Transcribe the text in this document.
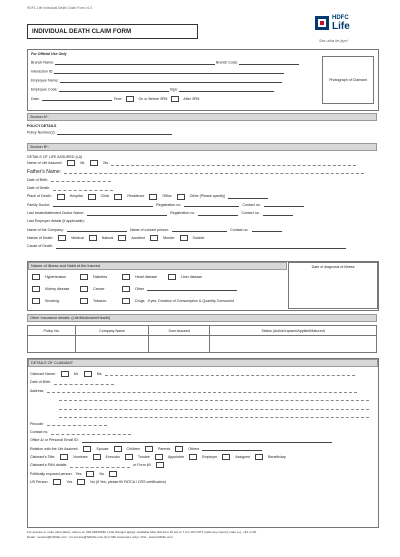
HDFC Life Individual Death Claim Form v1.0
INDIVIDUAL DEATH CLAIM FORM
HDFC
Life
Sar utha ke jiyo!
For Official Use Only
Branch Name:	Branch Code:
Interaction ID:
Employee Name:
Employee Code:	Sign:
Date:	Time:	On or Before 3PM	After 3PM
Photograph of Claimant
Section A*:
POLICY DETAILS
Policy Number(s):
Section B*:
DETAILS OF LIFE ASSURED (LA)
Name of Life Assured:	Mr.	Ms
Father's Name:
Date of Birth:
Date of Death:
Place of Death:	Hospital	Clinic	Residence	Office	Other (Please specify)
Family Doctor:	Registration no.	Contact no.
Last treated/attended Doctor Name:	Registration no.	Contact no.
Last Employer details (if applicable):
Name of the Company:	Name of contact person:	Contact no.
Nature of Death:	Medical	Natural	Accident	Murder	Suicide
Cause of Death:
Nature of Illness and Habit of the Insured	Date of diagnosis of illness
Hypertension	Diabetes	Heart disease	Liver disease
Kidney disease	Cancer	Other
Smoking	Tobacco	Drugs If yes, Duration of Consumption & Quantity Consumed
Other Insurance details: (Life/Mediclaim/Health)
Policy No.	Company Name	Sum Assured	Status (Active/Lapsed/Applied/Matured)

DETAILS OF CLAIMANT
Claimant Name:	Mr.	Ms
Date of Birth:
Address:
Pincode:
Contact no.
Office &/ or Personal Email ID:
Relation with the Life Assured:	Spouse	Children	Parents	Others
Claimant's Title:	Nominee	Executor	Trustee	Appointee	Employer	Assignee	Beneficiary
Claimant's PAN details:	or Form 60
Politically exposed person: Yes	No
US Person:	Yes	No (If Yes, please fill FATCA / CRS certification)
For queries or more information, call us on 022-68446530 ( Call charges apply). Available Mon-Sat from 10 am to 7 pm. DO NOT prefix any country code e.g. +91 or 00.
Email - service@hdfclife.com ; nri.service@hdfclife.com (For NRI customers only). Visit - www.hdfclife.com
